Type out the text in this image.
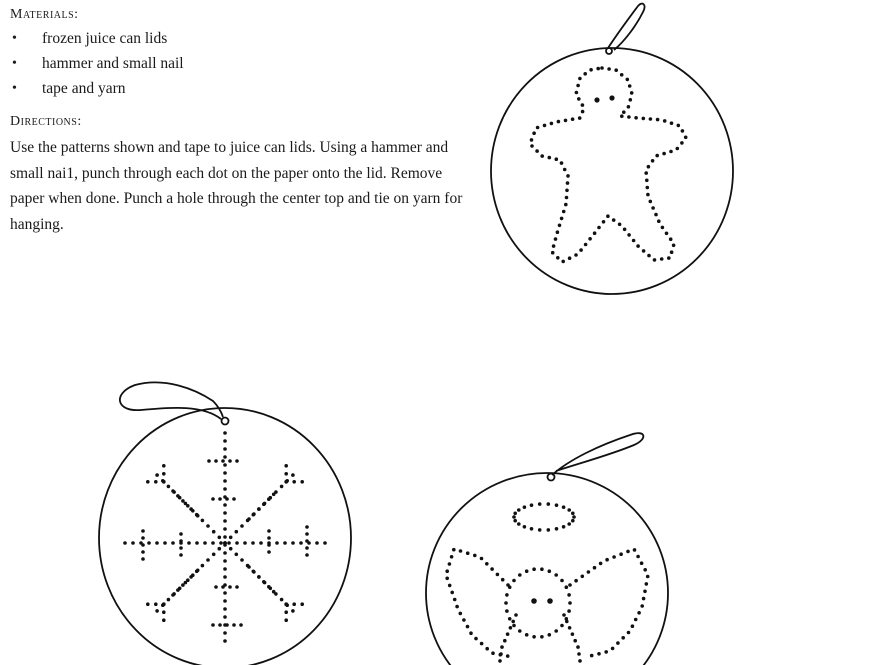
Materials:

• frozen juice can lids
• hammer and small nail
• tape and yarn

Directions:

Use the patterns shown and tape to juice can lids. Using a hammer and small nai1, punch through each dot on the paper onto the lid. Remove paper when done. Punch a hole through the center top and tie on yarn for hanging.
